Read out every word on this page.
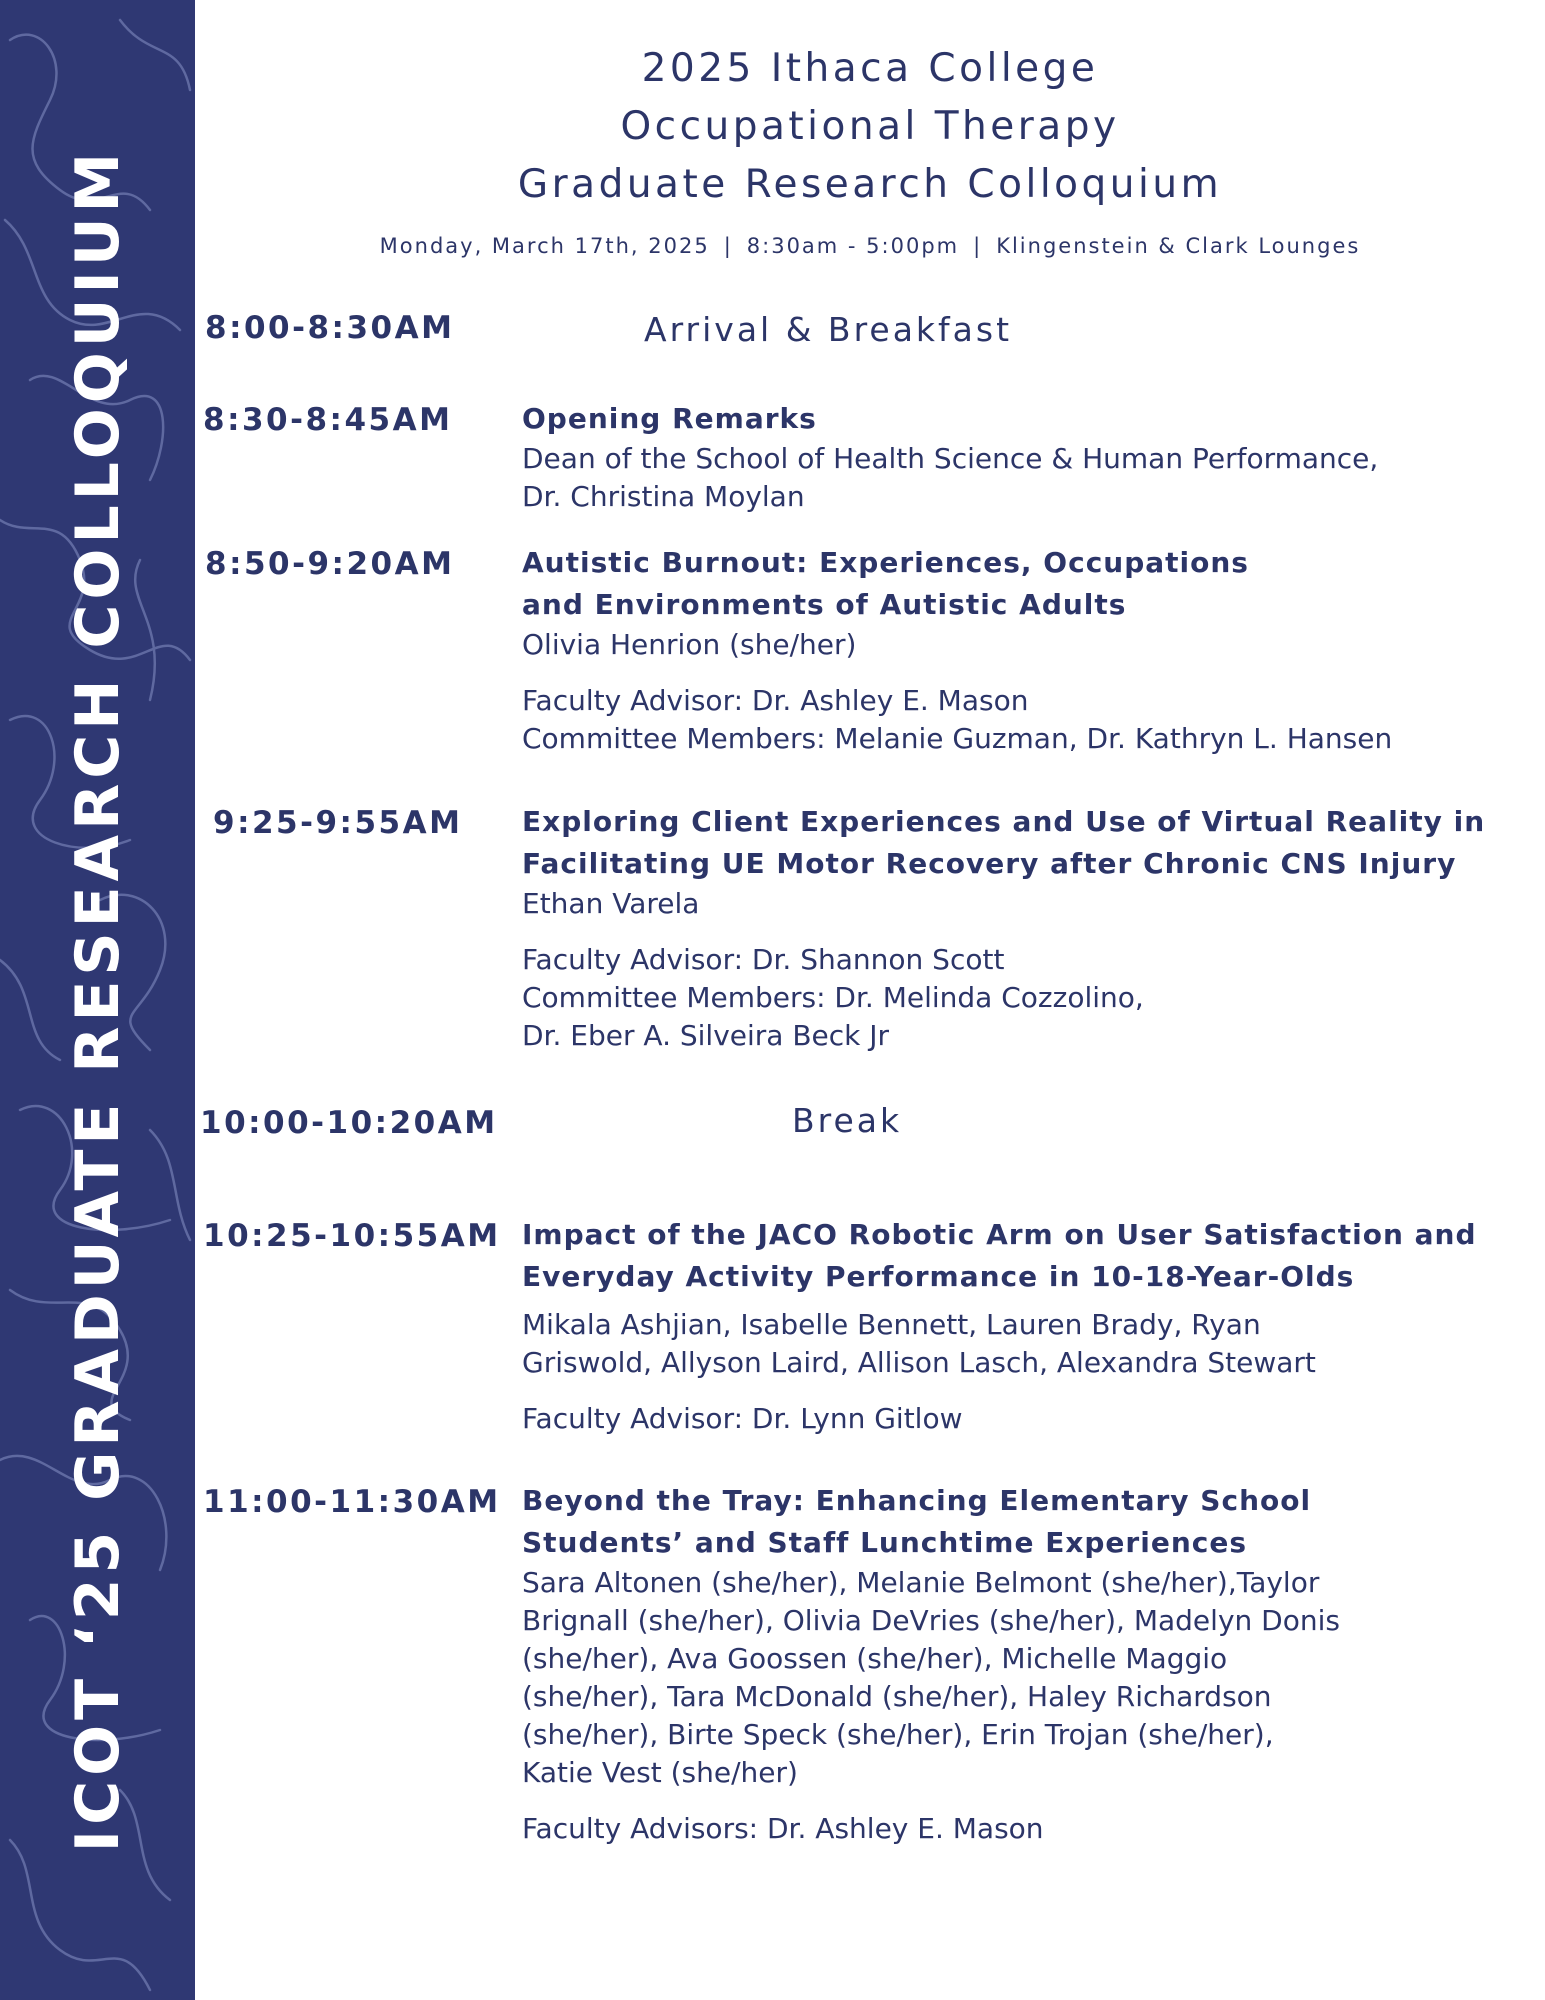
ICOT ‘25 GRADUATE RESEARCH COLLOQUIUM
2025 Ithaca College
Occupational Therapy
Graduate Research Colloquium
Monday, March 17th, 2025 | 8:30am - 5:00pm | Klingenstein & Clark Lounges
8:00-8:30AM	Arrival & Breakfast
8:30-8:45AM Opening Remarks
Dean of the School of Health Science & Human Performance,
Dr. Christina Moylan
8:50-9:20AM Autistic Burnout: Experiences, Occupations
and Environments of Autistic Adults
Olivia Henrion (she/her)
Faculty Advisor: Dr. Ashley E. Mason
Committee Members: Melanie Guzman, Dr. Kathryn L. Hansen
9:25-9:55AM Exploring Client Experiences and Use of Virtual Reality in
Facilitating UE Motor Recovery after Chronic CNS Injury
Ethan Varela
Faculty Advisor: Dr. Shannon Scott
Committee Members: Dr. Melinda Cozzolino,
Dr. Eber A. Silveira Beck Jr
10:00-10:20AM	Break
10:25-10:55AM Impact of the JACO Robotic Arm on User Satisfaction and
Everyday Activity Performance in 10-18-Year-Olds
Mikala Ashjian, Isabelle Bennett, Lauren Brady, Ryan
Griswold, Allyson Laird, Allison Lasch, Alexandra Stewart
Faculty Advisor: Dr. Lynn Gitlow
11:00-11:30AM Beyond the Tray: Enhancing Elementary School
Students’ and Staff Lunchtime Experiences
Sara Altonen (she/her), Melanie Belmont (she/her),Taylor
Brignall (she/her), Olivia DeVries (she/her), Madelyn Donis
(she/her), Ava Goossen (she/her), Michelle Maggio
(she/her), Tara McDonald (she/her), Haley Richardson
(she/her), Birte Speck (she/her), Erin Trojan (she/her),
Katie Vest (she/her)
Faculty Advisors: Dr. Ashley E. Mason
